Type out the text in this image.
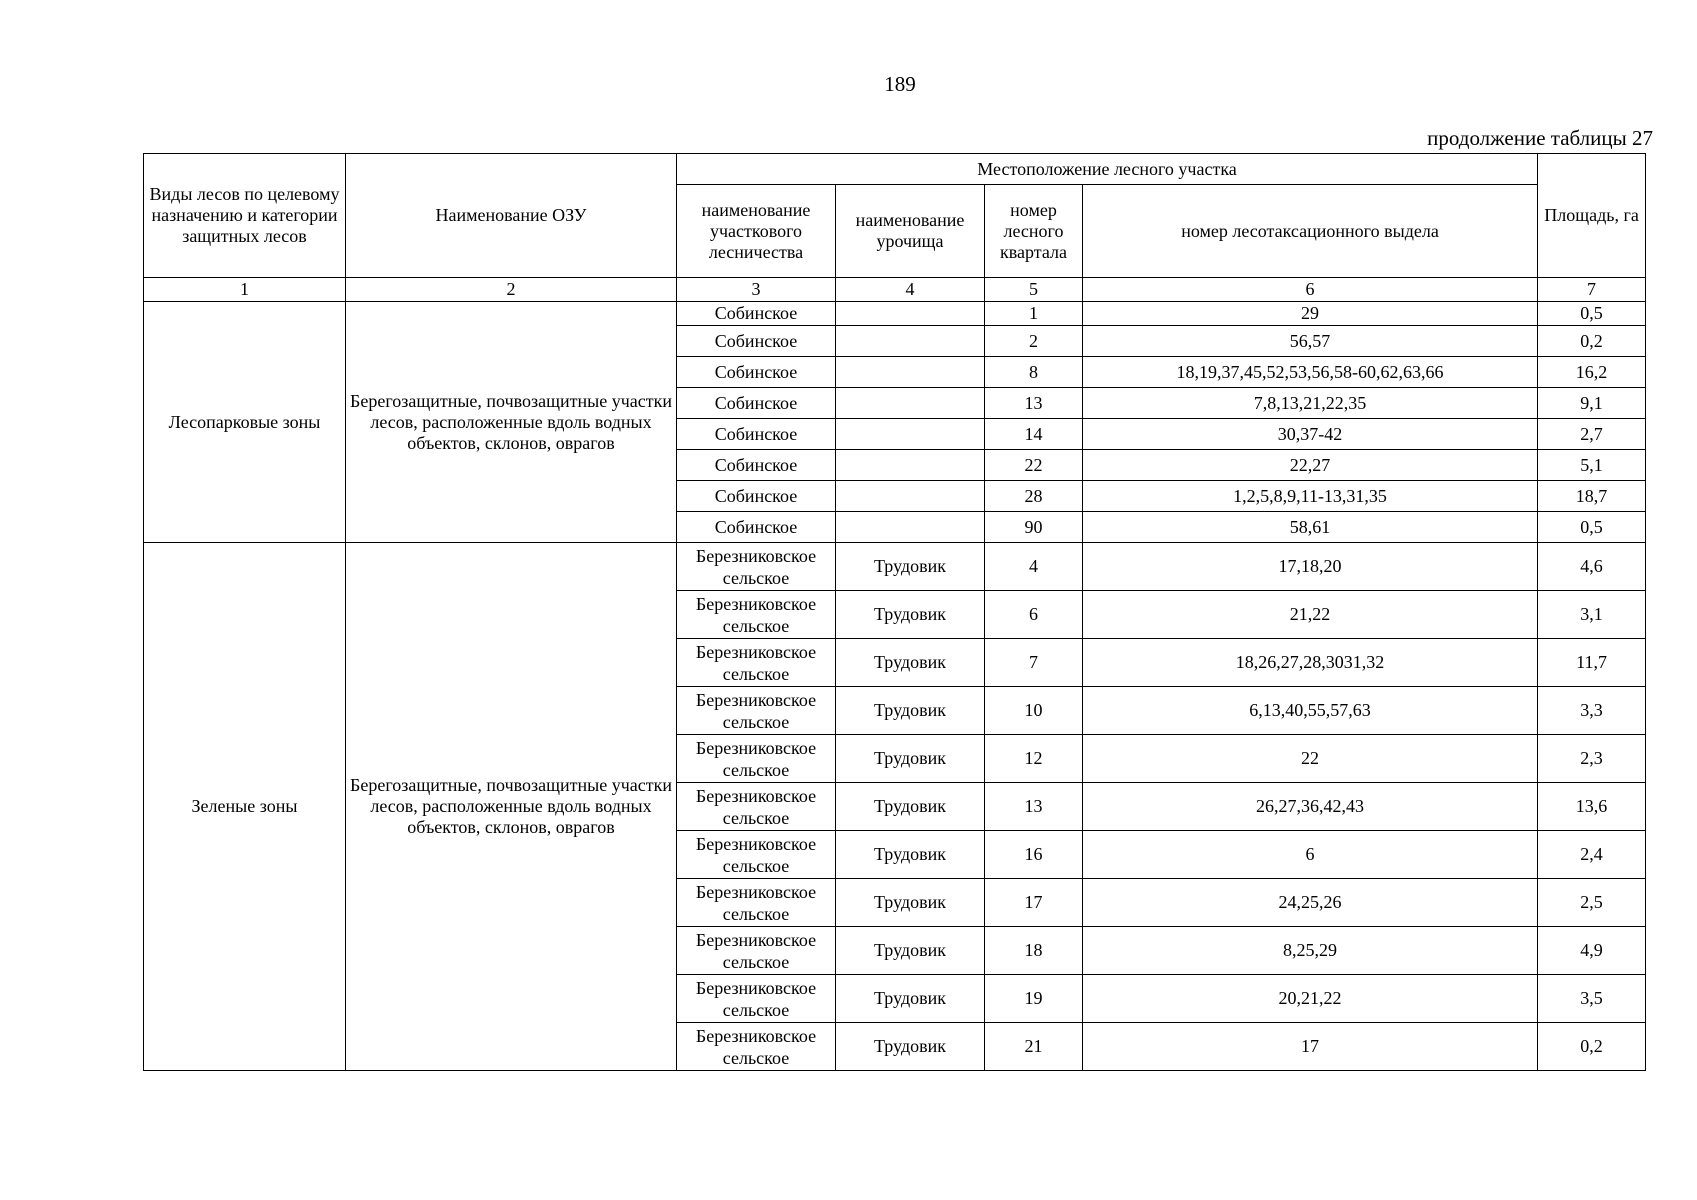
189
продолжение таблицы 27
Виды лесов по целевому назначению и категории защитных лесов	Наименование ОЗУ	Местоположение лесного участка				Площадь, га
		наименование участкового лесничества	наименование урочища	номер лесного квартала	номер лесотаксационного выдела	
1	2	3	4	5	6	7
Лесопарковые зоны	Берегозащитные, почвозащитные участки лесов, расположенные вдоль водных объектов, склонов, оврагов	Собинское		1	29	0,5
		Собинское		2	56,57	0,2
		Собинское		8	18,19,37,45,52,53,56,58-60,62,63,66	16,2
		Собинское		13	7,8,13,21,22,35	9,1
		Собинское		14	30,37-42	2,7
		Собинское		22	22,27	5,1
		Собинское		28	1,2,5,8,9,11-13,31,35	18,7
		Собинское		90	58,61	0,5
Зеленые зоны	Берегозащитные, почвозащитные участки лесов, расположенные вдоль водных объектов, склонов, оврагов	Березниковское сельское	Трудовик	4	17,18,20	4,6
		Березниковское сельское	Трудовик	6	21,22	3,1
		Березниковское сельское	Трудовик	7	18,26,27,28,3031,32	11,7
		Березниковское сельское	Трудовик	10	6,13,40,55,57,63	3,3
		Березниковское сельское	Трудовик	12	22	2,3
		Березниковское сельское	Трудовик	13	26,27,36,42,43	13,6
		Березниковское сельское	Трудовик	16	6	2,4
		Березниковское сельское	Трудовик	17	24,25,26	2,5
		Березниковское сельское	Трудовик	18	8,25,29	4,9
		Березниковское сельское	Трудовик	19	20,21,22	3,5
		Березниковское сельское	Трудовик	21	17	0,2
